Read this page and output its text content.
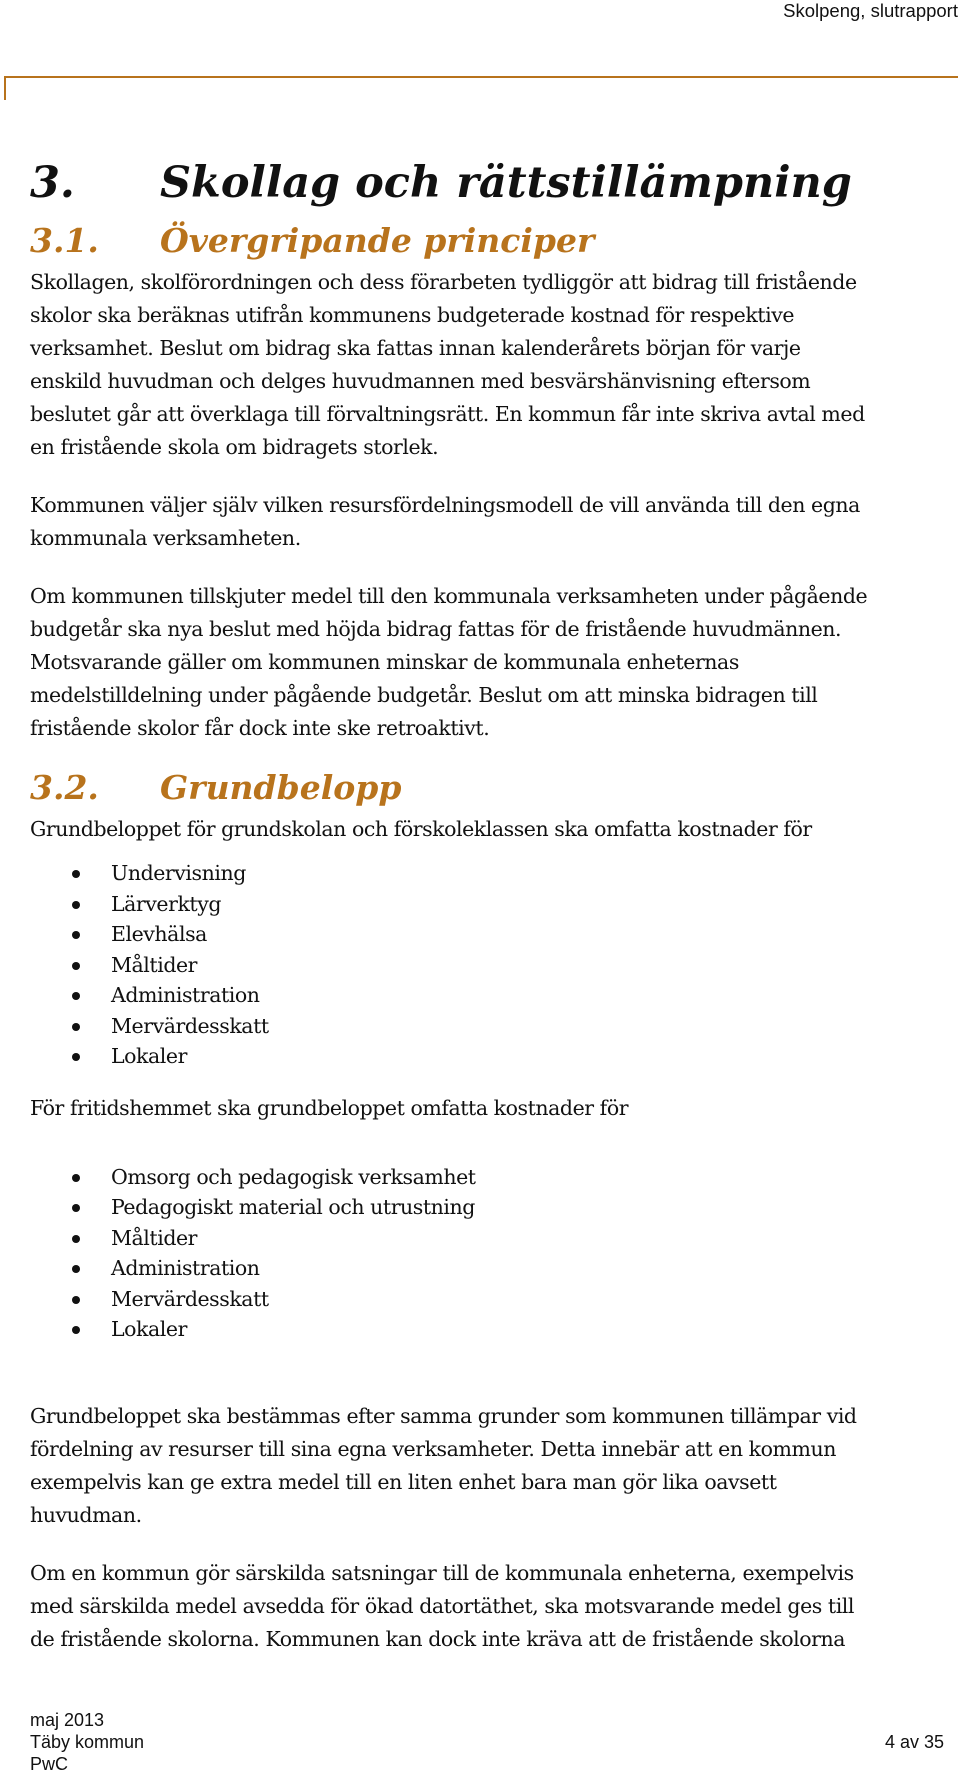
Skolpeng, slutrapport
3. Skollag och rättstillämpning
3.1. Övergripande principer

Skollagen, skolförordningen och dess förarbeten tydliggör att bidrag till fristående
skolor ska beräknas utifrån kommunens budgeterade kostnad för respektive
verksamhet. Beslut om bidrag ska fattas innan kalenderårets början för varje
enskild huvudman och delges huvudmannen med besvärshänvisning eftersom
beslutet går att överklaga till förvaltningsrätt. En kommun får inte skriva avtal med
en fristående skola om bidragets storlek.

Kommunen väljer själv vilken resursfördelningsmodell de vill använda till den egna
kommunala verksamheten.

Om kommunen tillskjuter medel till den kommunala verksamheten under pågående
budgetår ska nya beslut med höjda bidrag fattas för de fristående huvudmännen.
Motsvarande gäller om kommunen minskar de kommunala enheternas
medelstilldelning under pågående budgetår. Beslut om att minska bidragen till
fristående skolor får dock inte ske retroaktivt.

3.2. Grundbelopp

Grundbeloppet för grundskolan och förskoleklassen ska omfatta kostnader för

Undervisning
Lärverktyg
Elevhälsa
Måltider
Administration
Mervärdesskatt
Lokaler

För fritidshemmet ska grundbeloppet omfatta kostnader för

Omsorg och pedagogisk verksamhet
Pedagogiskt material och utrustning
Måltider
Administration
Mervärdesskatt
Lokaler

Grundbeloppet ska bestämmas efter samma grunder som kommunen tillämpar vid
fördelning av resurser till sina egna verksamheter. Detta innebär att en kommun
exempelvis kan ge extra medel till en liten enhet bara man gör lika oavsett
huvudman.

Om en kommun gör särskilda satsningar till de kommunala enheterna, exempelvis
med särskilda medel avsedda för ökad datortäthet, ska motsvarande medel ges till
de fristående skolorna. Kommunen kan dock inte kräva att de fristående skolorna

maj 2013
Täby kommun
PwC
4 av 35
